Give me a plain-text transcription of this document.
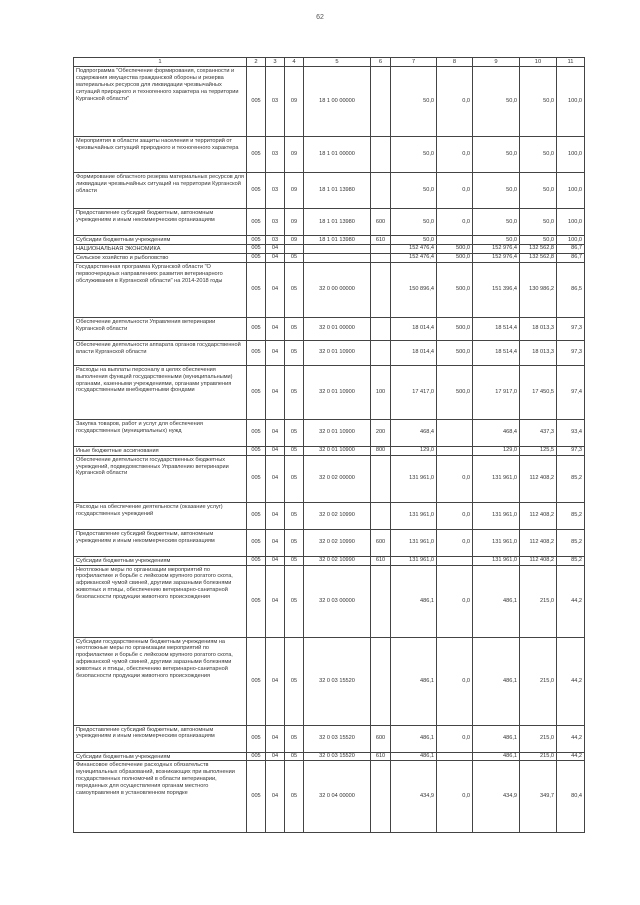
62
1	2	3	4	5	6	7	8	9	10	11
Подпрограмма "Обеспечение формирования, сохранности и содержания имущества гражданской обороны и резерва материальных ресурсов для ликвидации чрезвычайных ситуаций природного и техногенного характера на территории Курганской области"	005	03	09	18 1 00 00000		50,0	0,0	50,0	50,0	100,0
Мероприятия в области защиты населения и территорий от чрезвычайных ситуаций природного и техногенного характера	005	03	09	18 1 01 00000		50,0	0,0	50,0	50,0	100,0
Формирование областного резерва материальных ресурсов для ликвидации чрезвычайных ситуаций на территории Курганской области	005	03	09	18 1 01 13980		50,0	0,0	50,0	50,0	100,0
Предоставление субсидий бюджетным, автономным учреждениям и иным некоммерческим организациям	005	03	09	18 1 01 13980	600	50,0	0,0	50,0	50,0	100,0
Субсидии бюджетным учреждениям	005	03	09	18 1 01 13980	610	50,0		50,0	50,0	100,0
НАЦИОНАЛЬНАЯ ЭКОНОМИКА	005	04				152 476,4	500,0	152 976,4	132 562,8	86,7
Сельское хозяйство и рыболовство	005	04	05			152 476,4	500,0	152 976,4	132 562,8	86,7
Государственная программа Курганской области "О первоочередных направлениях развития ветеринарного обслуживания в Курганской области" на 2014-2018 годы	005	04	05	32 0 00 00000		150 896,4	500,0	151 396,4	130 986,2	86,5
Обеспечение деятельности Управления ветеринарии Курганской области	005	04	05	32 0 01 00000		18 014,4	500,0	18 514,4	18 013,3	97,3
Обеспечение деятельности аппарата органов государственной власти Курганской области	005	04	05	32 0 01 10900		18 014,4	500,0	18 514,4	18 013,3	97,3
Расходы на выплаты персоналу в целях обеспечения выполнения функций государственными (муниципальными) органами, казенными учреждениями, органами управления государственными внебюджетными фондами	005	04	05	32 0 01 10900	100	17 417,0	500,0	17 917,0	17 450,5	97,4
Закупка товаров, работ и услуг для обеспечения государственных (муниципальных) нужд	005	04	05	32 0 01 10900	200	468,4		468,4	437,3	93,4
Иные бюджетные ассигнования	005	04	05	32 0 01 10900	800	129,0		129,0	125,5	97,3
Обеспечение деятельности государственных бюджетных учреждений, подведомственных Управлению ветеринарии Курганской области	005	04	05	32 0 02 00000		131 961,0	0,0	131 961,0	112 408,2	85,2
Расходы на обеспечение деятельности (оказание услуг) государственных учреждений	005	04	05	32 0 02 10990		131 961,0	0,0	131 961,0	112 408,2	85,2
Предоставление субсидий бюджетным, автономным учреждениям и иным некоммерческим организациям	005	04	05	32 0 02 10990	600	131 961,0	0,0	131 961,0	112 408,2	85,2
Субсидии бюджетным учреждениям	005	04	05	32 0 02 10990	610	131 961,0		131 961,0	112 408,2	85,2
Неотложные меры по организации мероприятий по профилактике и борьбе с лейкозом крупного рогатого скота, африканской чумой свиней, другими заразными болезнями животных и птицы, обеспечению ветеринарно-санитарной безопасности продукции животного происхождения	005	04	05	32 0 03 00000		486,1	0,0	486,1	215,0	44,2
Субсидии государственным бюджетным учреждениям на неотложные меры по организации мероприятий по профилактике и борьбе с лейкозом крупного рогатого скота, африканской чумой свиней, другими заразными болезнями животных и птицы, обеспечению ветеринарно-санитарной безопасности продукции животного происхождения	005	04	05	32 0 03 15520		486,1	0,0	486,1	215,0	44,2
Предоставление субсидий бюджетным, автономным учреждениям и иным некоммерческим организациям	005	04	05	32 0 03 15520	600	486,1	0,0	486,1	215,0	44,2
Субсидии бюджетным учреждениям	005	04	05	32 0 03 15520	610	486,1		486,1	215,0	44,2
Финансовое обеспечение расходных обязательств муниципальных образований, возникающих при выполнении государственных полномочий в области ветеринарии, переданных для осуществления органам местного самоуправления в установленном порядке	005	04	05	32 0 04 00000		434,9	0,0	434,9	349,7	80,4
